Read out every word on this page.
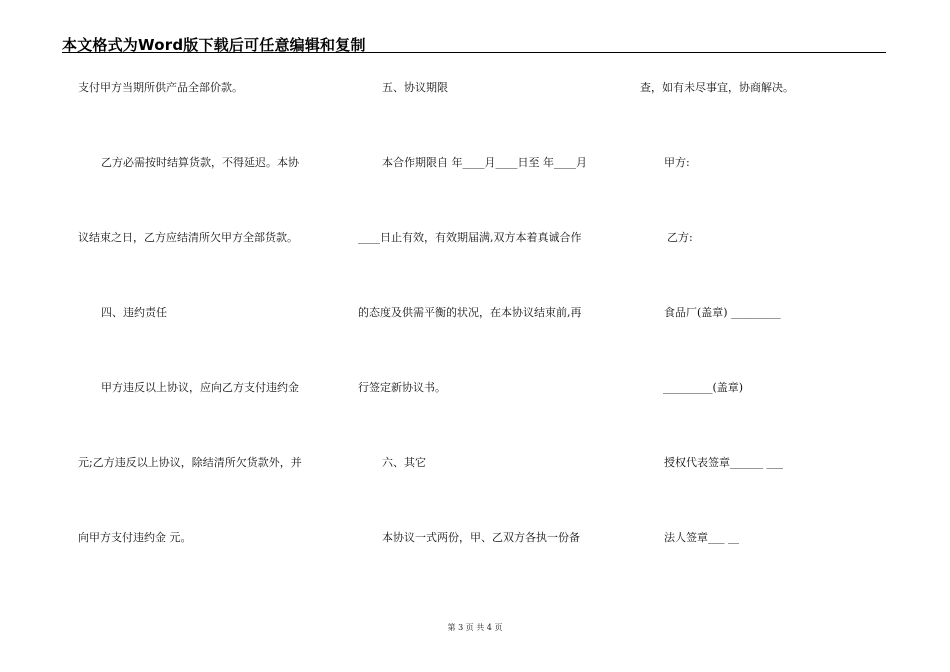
本文格式为Word版下载后可任意编辑和复制
支付甲方当期所供产品全部价款。
乙方必需按时结算货款，不得延迟。本协
议结束之日，乙方应结清所欠甲方全部货款。
四、违约责任
甲方违反以上协议，应向乙方支付违约金
元;乙方违反以上协议，除结清所欠货款外，并
向甲方支付违约金 元。
五、协议期限
本合作期限自 年____月____日至 年____月
____日止有效，有效期届满,双方本着真诚合作
的态度及供需平衡的状况，在本协议结束前,再
行签定新协议书。
六、其它
本协议一式两份，甲、乙双方各执一份备
查，如有未尽事宜，协商解决。
甲方:
乙方:
食品厂(盖章) _________
_________(盖章)
授权代表签章______ ___
法人签章___ __
第 3 页 共 4 页
